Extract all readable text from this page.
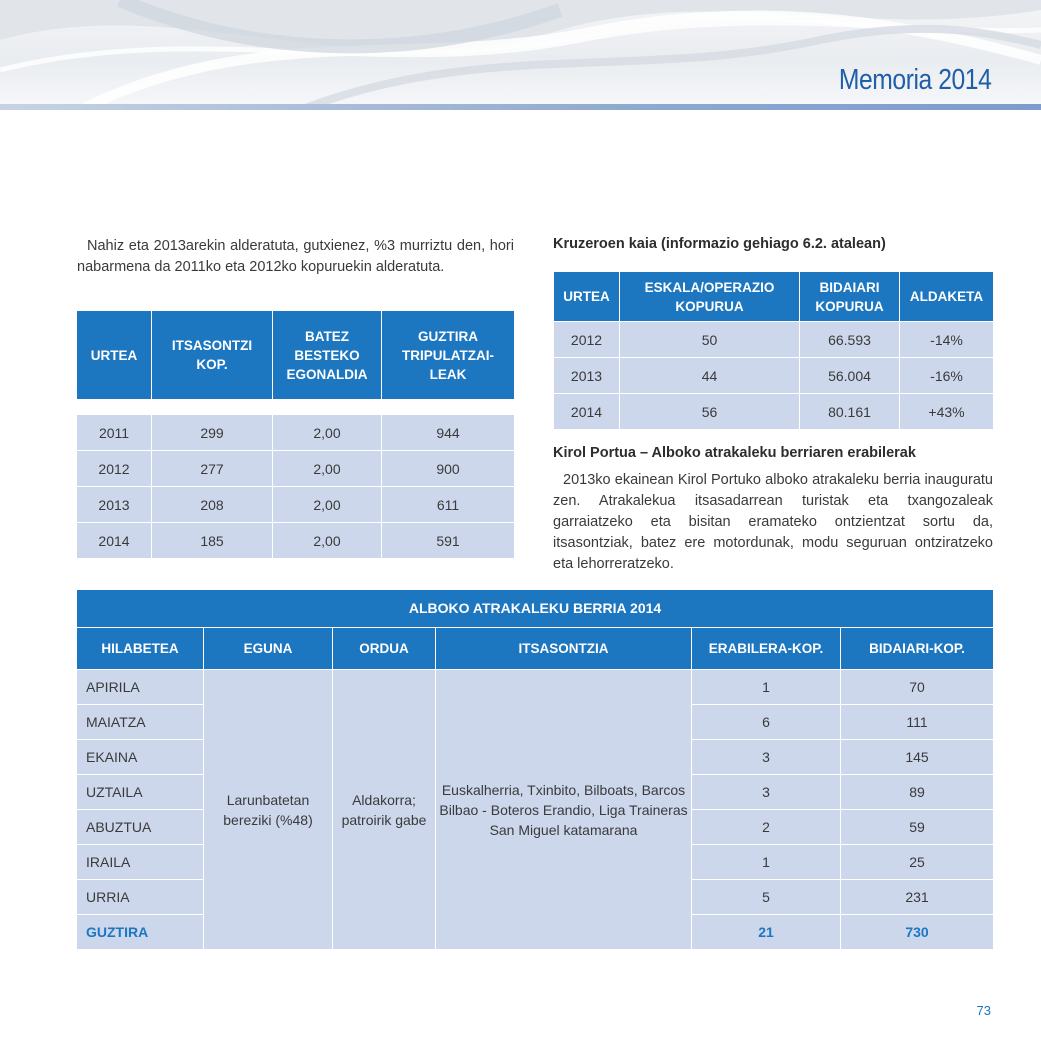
Memoria 2014

Nahiz eta 2013arekin alderatuta, gutxienez, %3 murriztu den, hori nabarmena da 2011ko eta 2012ko kopuruekin alderatuta.

URTEA	ITSASONTZI KOP.	BATEZ BESTEKO EGONALDIA	GUZTIRA TRIPULATZAI-LEAK

2011	299	2,00	944
2012	277	2,00	900
2013	208	2,00	611
2014	185	2,00	591

Kruzeroen kaia (informazio gehiago 6.2. atalean)

URTEA	ESKALA/OPERAZIO KOPURUA	BIDAIARI KOPURUA	ALDAKETA
2012	50	66.593	-14%
2013	44	56.004	-16%
2014	56	80.161	+43%

Kirol Portua – Alboko atrakaleku berriaren erabilerak

2013ko ekainean Kirol Portuko alboko atrakaleku berria inauguratu zen. Atrakalekua itsasadarrean turistak eta txangozaleak garraiatzeko eta bisitan eramateko ontzientzat sortu da, itsasontziak, batez ere motordunak, modu seguruan ontziratzeko eta lehorreratzeko.

ALBOKO ATRAKALEKU BERRIA 2014					
HILABETEA	EGUNA	ORDUA	ITSASONTZIA	ERABILERA-KOP.	BIDAIARI-KOP.
APIRILA	Larunbatetan bereziki (%48)	Aldakorra; patroirik gabe	Euskalherria, Txinbito, Bilboats, Barcos Bilbao - Boteros Erandio, Liga Traineras San Miguel katamarana	1	70
MAIATZA				6	111
EKAINA				3	145
UZTAILA				3	89
ABUZTUA				2	59
IRAILA				1	25
URRIA				5	231
GUZTIRA				21	730
73
